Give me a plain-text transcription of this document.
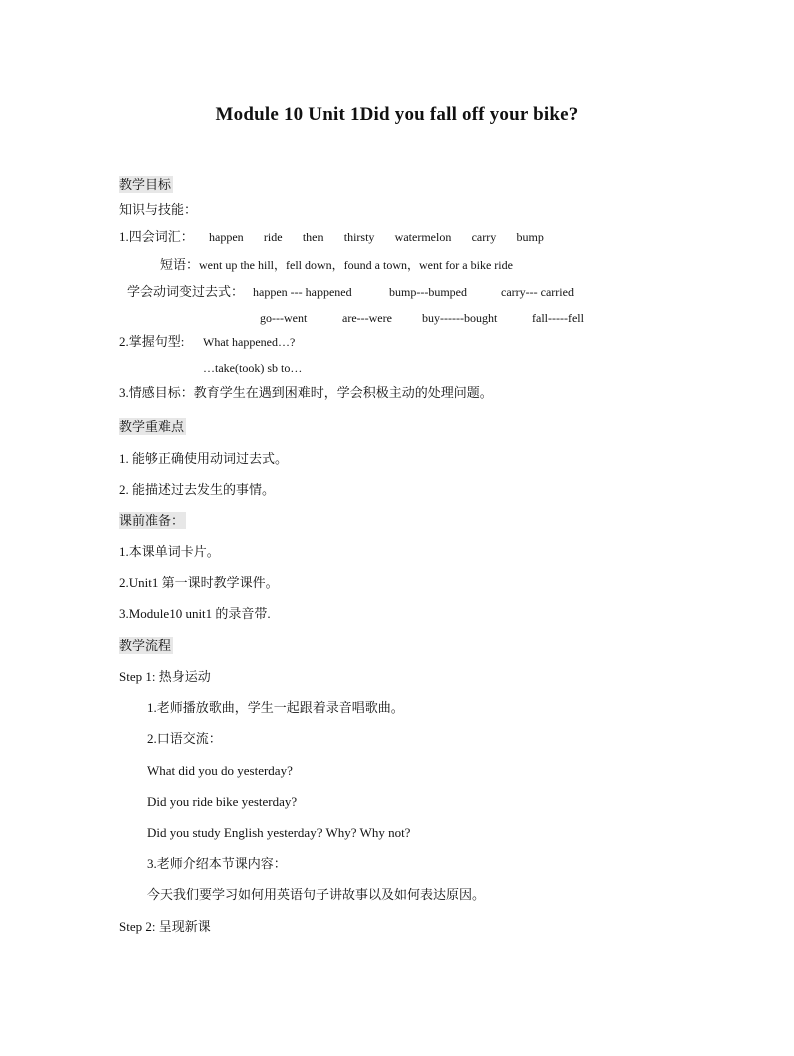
Module 10 Unit 1Did you fall off your bike?
教学目标
知识与技能：
1.四会词汇： happen ride then thirsty watermelon carry bump
短语：went up the hill，fell down，found a town，went for a bike ride
学会动词变过去式： happen --- happened	bump---bumped	carry--- carried
go---went	are---were	buy------bought	fall-----fell
2.掌握句型: What happened…?
…take(took) sb to…
3.情感目标：教育学生在遇到困难时，学会积极主动的处理问题。
教学重难点
1. 能够正确使用动词过去式。
2. 能描述过去发生的事情。
课前准备：
1.本课单词卡片。
2.Unit1 第一课时教学课件。
3.Module10 unit1 的录音带.
教学流程
Step 1: 热身运动
1.老师播放歌曲，学生一起跟着录音唱歌曲。
2.口语交流：
What did you do yesterday?
Did you ride bike yesterday?
Did you study English yesterday? Why? Why not?
3.老师介绍本节课内容：
今天我们要学习如何用英语句子讲故事以及如何表达原因。
Step 2: 呈现新课
